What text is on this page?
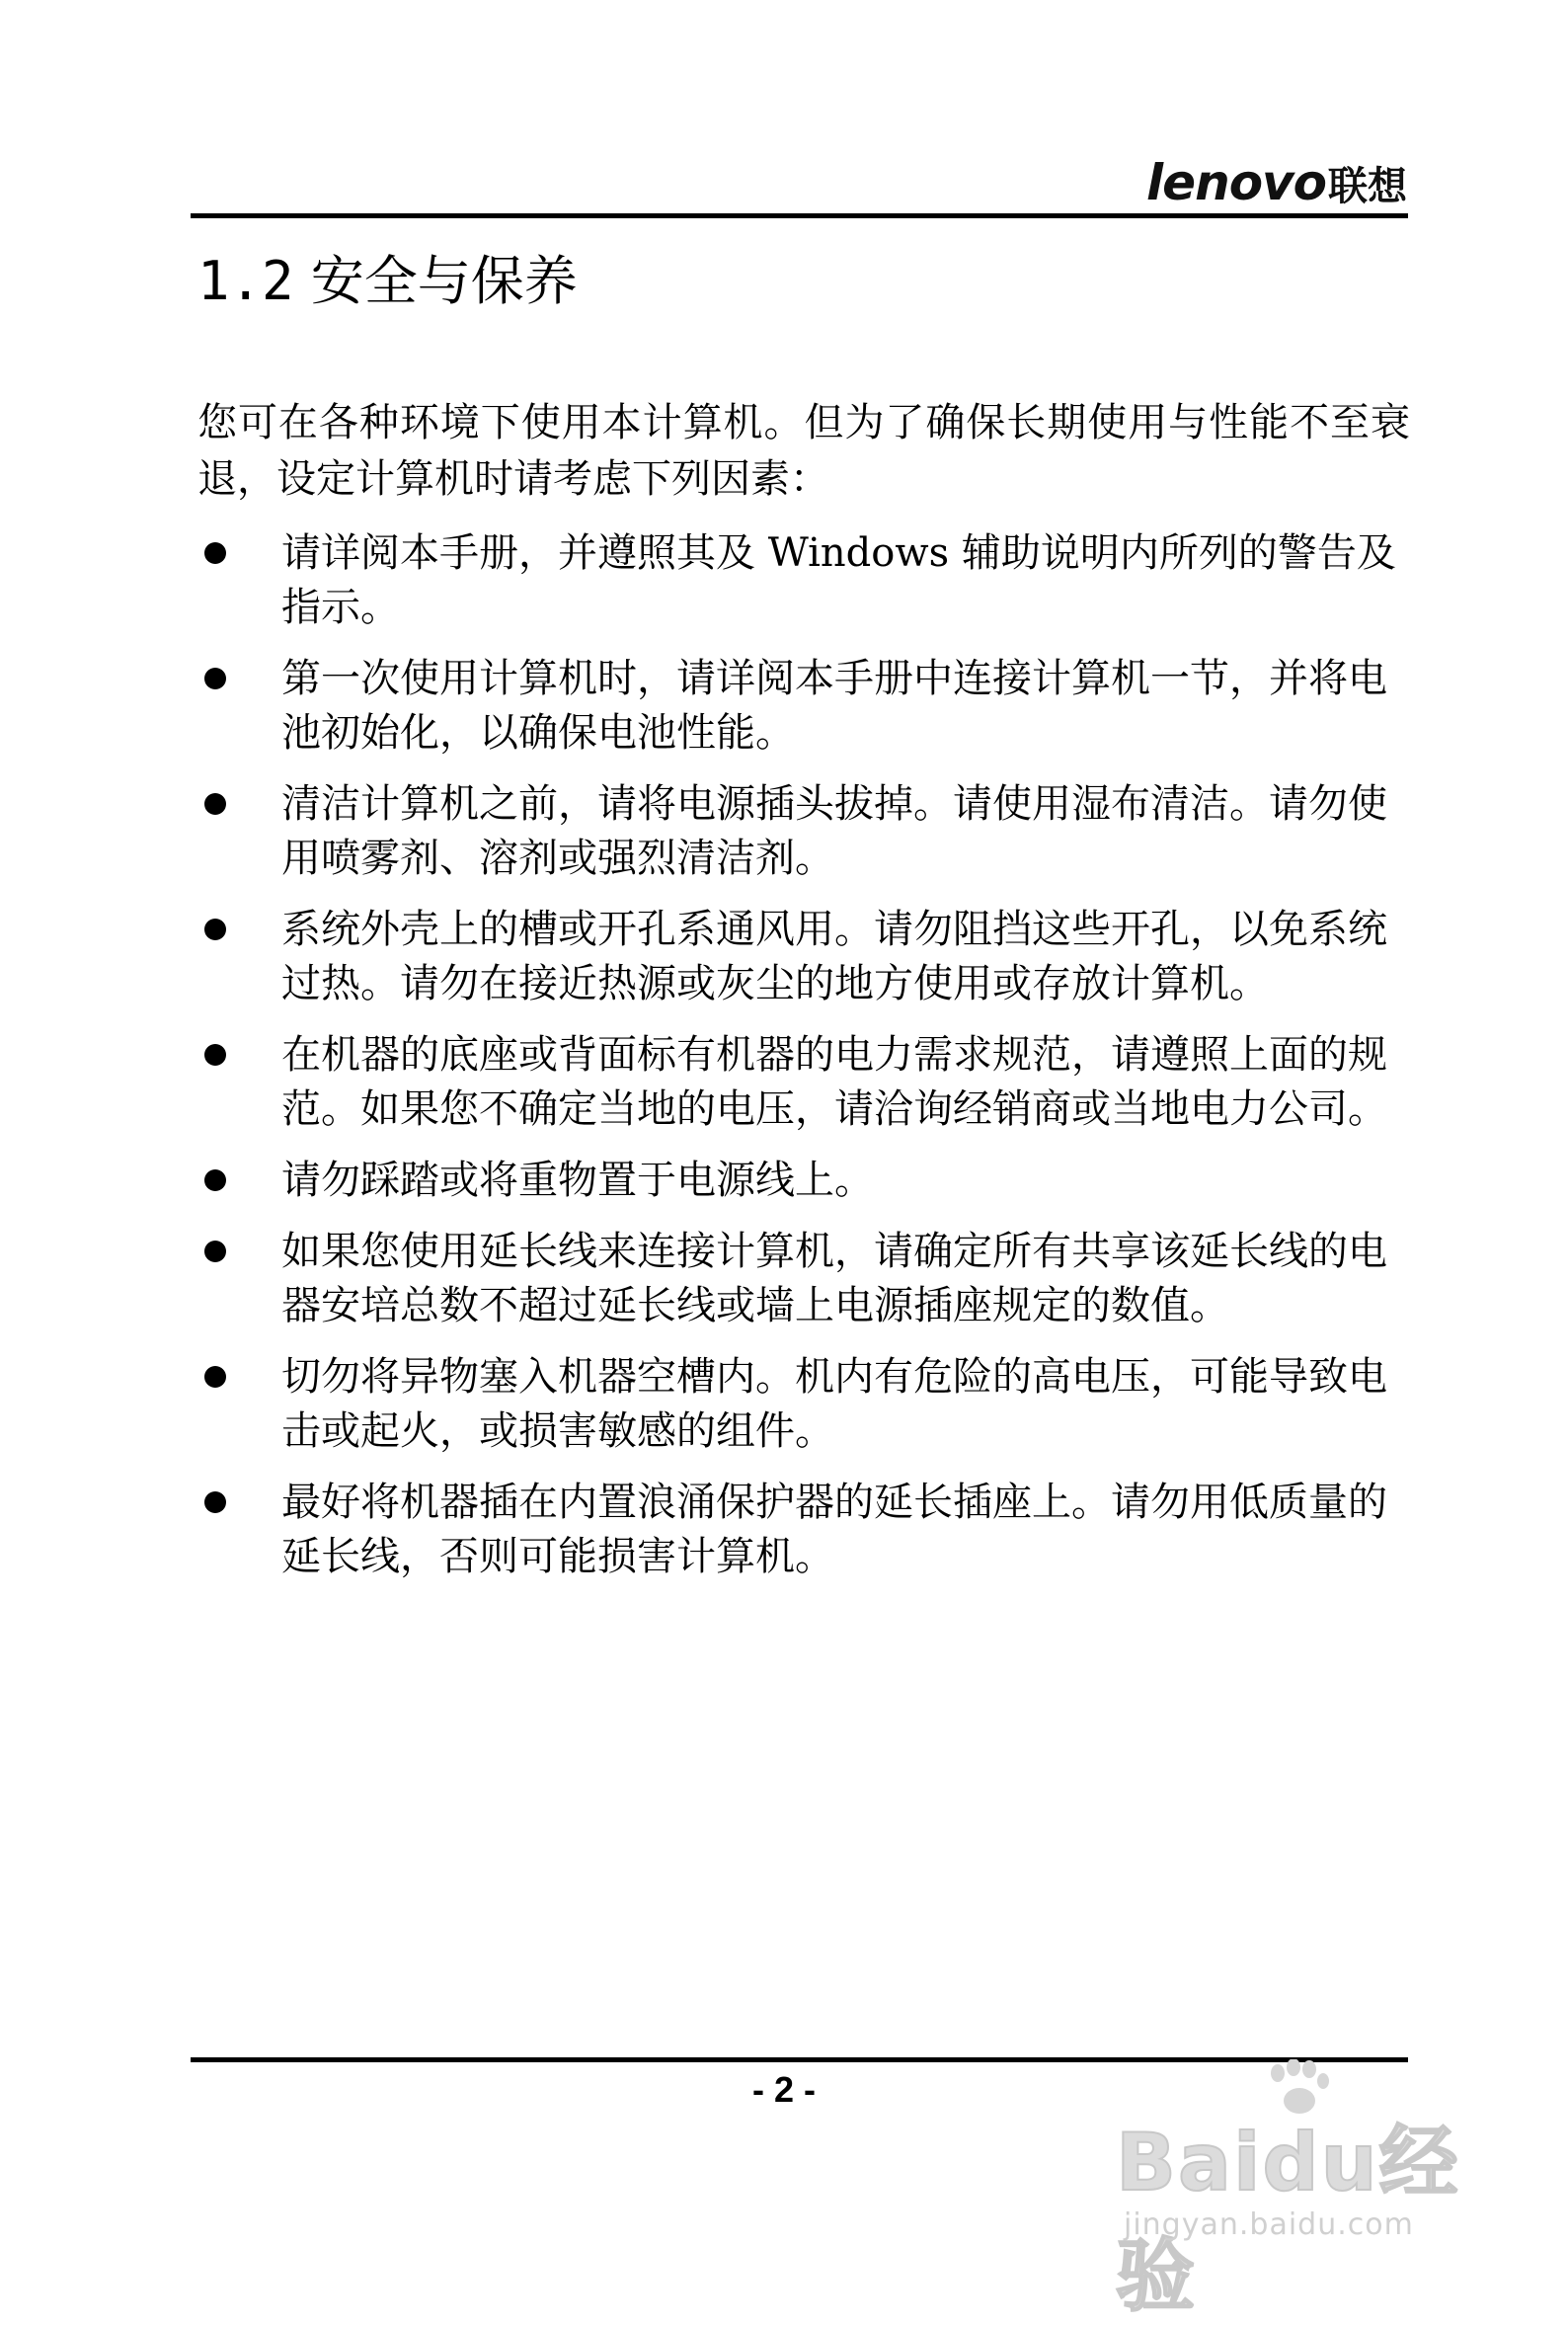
lenovo联想
1.2 安全与保养

您可在各种环境下使用本计算机。但为了确保长期使用与性能不至衰退，设定计算机时请考虑下列因素：

请详阅本手册，并遵照其及 Windows 辅助说明内所列的警告及指示。
第一次使用计算机时，请详阅本手册中连接计算机一节，并将电池初始化，以确保电池性能。
清洁计算机之前，请将电源插头拔掉。请使用湿布清洁。请勿使用喷雾剂、溶剂或强烈清洁剂。
系统外壳上的槽或开孔系通风用。请勿阻挡这些开孔，以免系统过热。请勿在接近热源或灰尘的地方使用或存放计算机。
在机器的底座或背面标有机器的电力需求规范，请遵照上面的规范。如果您不确定当地的电压，请洽询经销商或当地电力公司。
请勿踩踏或将重物置于电源线上。
如果您使用延长线来连接计算机，请确定所有共享该延长线的电器安培总数不超过延长线或墙上电源插座规定的数值。
切勿将异物塞入机器空槽内。机内有危险的高电压，可能导致电击或起火，或损害敏感的组件。
最好将机器插在内置浪涌保护器的延长插座上。请勿用低质量的延长线，否则可能损害计算机。
- 2 -
Baidu经验
jingyan.baidu.com
